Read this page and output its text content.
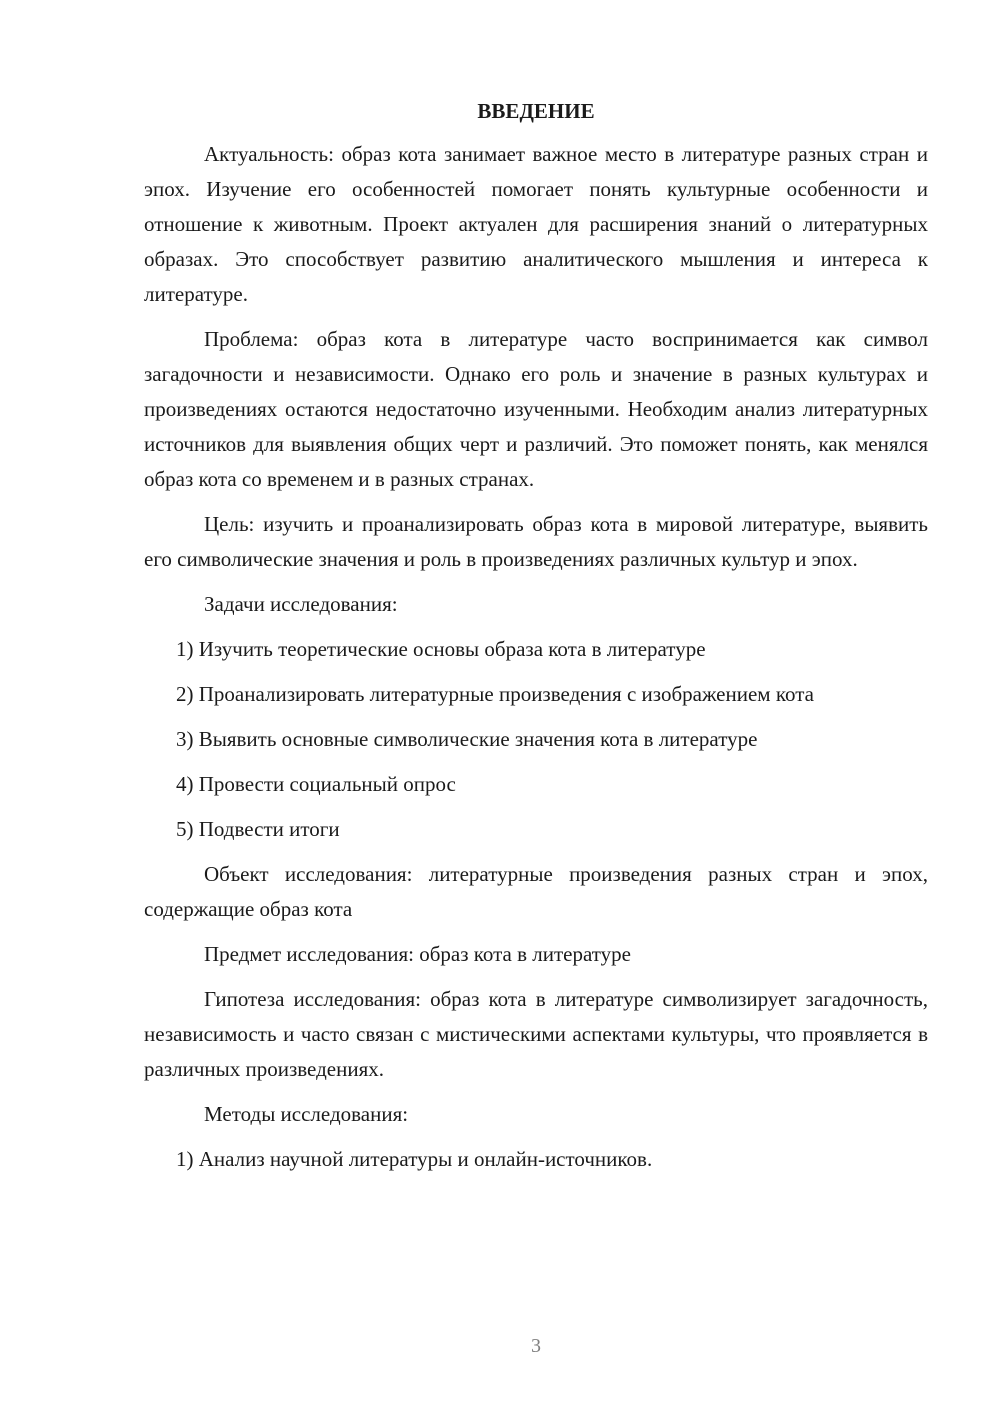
ВВЕДЕНИЕ

Актуальность: образ кота занимает важное место в литературе разных стран и эпох. Изучение его особенностей помогает понять культурные особенности и отношение к животным. Проект актуален для расширения знаний о литературных образах. Это способствует развитию аналитического мышления и интереса к литературе.

Проблема: образ кота в литературе часто воспринимается как символ загадочности и независимости. Однако его роль и значение в разных культурах и произведениях остаются недостаточно изученными. Необходим анализ литературных источников для выявления общих черт и различий. Это поможет понять, как менялся образ кота со временем и в разных странах.

Цель: изучить и проанализировать образ кота в мировой литературе, выявить его символические значения и роль в произведениях различных культур и эпох.

Задачи исследования:

1) Изучить теоретические основы образа кота в литературе

2) Проанализировать литературные произведения с изображением кота

3) Выявить основные символические значения кота в литературе

4) Провести социальный опрос

5) Подвести итоги

Объект исследования: литературные произведения разных стран и эпох, содержащие образ кота

Предмет исследования: образ кота в литературе

Гипотеза исследования: образ кота в литературе символизирует загадочность, независимость и часто связан с мистическими аспектами культуры, что проявляется в различных произведениях.

Методы исследования:

1) Анализ научной литературы и онлайн-источников.

3
